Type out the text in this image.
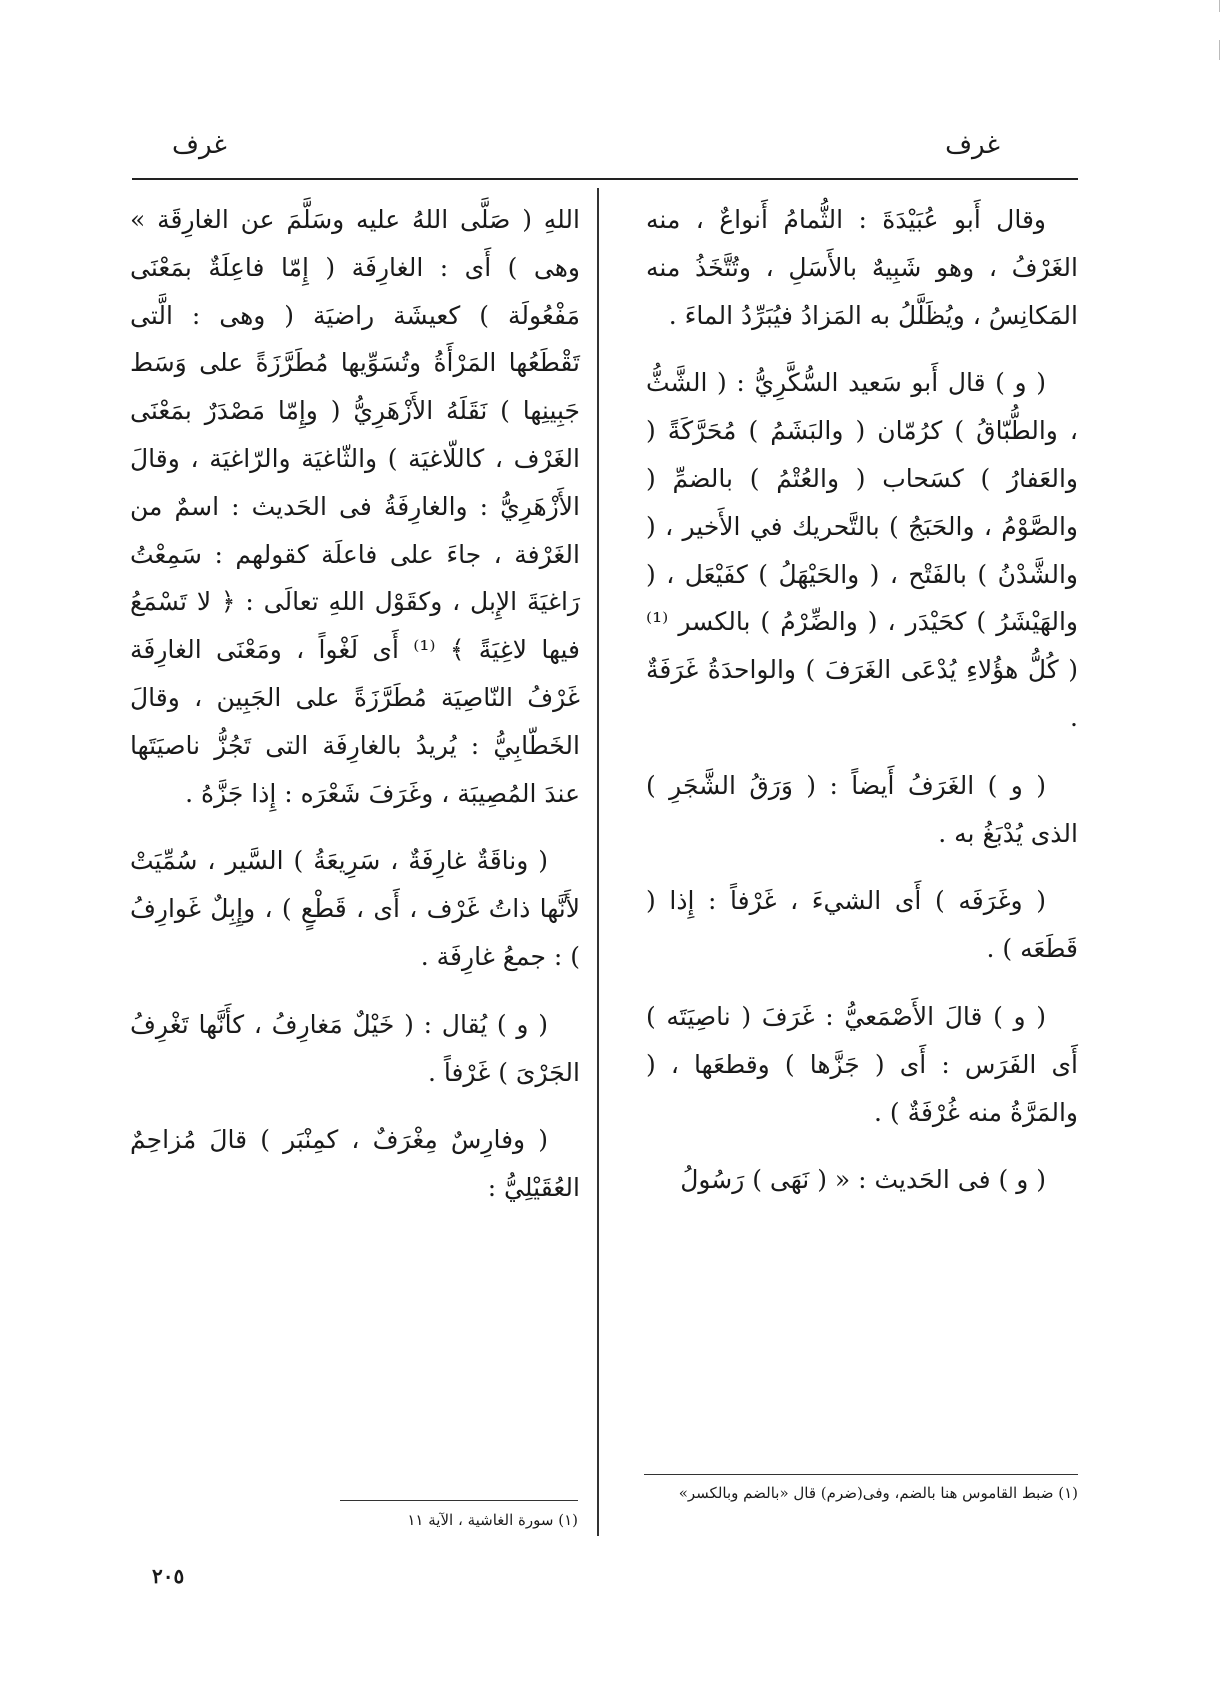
غرف
غرف

وقال أَبو عُبَيْدَةَ : الثُّمامُ أَنواعٌ ، منه الغَرْفُ ، وهو شَبِيهٌ بالأَسَلِ ، وتُتَّخَذُ منه المَكانِسُ ، ويُظَلَّلُ به المَزادُ فيُبَرِّدُ الماءَ .

( و ) قال أَبو سَعيد السُّكَّرِيُّ : ( الشَّثُّ ، والطُّبّاقُ ) كرُمّان ( والبَشَمُ ) مُحَرَّكَةً ( والعَفارُ ) كسَحاب ( والعُتْمُ ) بالضمِّ ( والصَّوْمُ ، والحَبَجُ ) بالتَّحريك في الأَخير ، ( والشَّدْنُ ) بالفَتْح ، ( والحَيْهَلُ ) كفَيْعَل ، ( والهَيْشَرُ ) كحَيْدَر ، ( والضِّرْمُ ) بالكسر ⁽¹⁾ ( كُلُّ هؤُلاءِ يُدْعَى الغَرَفَ ) والواحدَةُ غَرَفَةٌ .

( و ) الغَرَفُ أَيضاً : ( وَرَقُ الشَّجَرِ ) الذى يُدْبَغُ به .

( وغَرَفَه ) أَى الشيءَ ، غَرْفاً : إِذا ( قَطَعَه ) .

( و ) قالَ الأَصْمَعيُّ : غَرَفَ ( ناصِيَتَه ) أَى الفَرَس : أَى ( جَزَّها ) وقطعَها ، ( والمَرَّةُ منه غُرْفَةٌ ) .

( و ) فى الحَديث : « ( نَهَى ) رَسُولُ

اللهِ ( صَلَّى اللهُ عليه وسَلَّمَ عن الغارِقَة » وهى ) أَى : الغارِفَة ( إِمّا فاعِلَةٌ بمَعْنَى مَفْعُولَة ) كعيشَة راضيَة ( وهى : الَّتى تَقْطَعُها المَرْأَةُ وتُسَوِّيها مُطَرَّزَةً على وَسَط جَبِينِها ) نَقَلَهُ الأَزْهَرِيُّ ( وإِمّا مَصْدَرٌ بمَعْنَى الغَرْف ، كاللّاغيَة ) والثّاغيَة والرّاغيَة ، وقالَ الأَزْهَرِيُّ : والغارِفَةُ فى الحَديث : اسمٌ من الغَرْفة ، جاءَ على فاعلَة كقولهم : سَمِعْتُ رَاغيَةَ الإِبل ، وكقَوْل اللهِ تعالَى : ﴿ لا تَسْمَعُ فيها لاغِيَةً ﴾ ⁽¹⁾ أَى لَغْواً ، ومَعْنَى الغارِفَة غَرْفُ النّاصِيَة مُطَرَّزَةً على الجَبِين ، وقالَ الخَطّابِيُّ : يُريدُ بالغارِفَة التى تَجُزُّ ناصيَتَها عندَ المُصِيبَة ، وغَرَفَ شَعْرَه : إِذا جَزَّهُ .

( وناقَةٌ غارِفَةٌ ، سَرِيعَةُ ) السَّير ، سُمِّيَتْ لأَنَّها ذاتُ غَرْف ، أَى ، قَطْعٍ ) ، وإِبِلٌ غَوارِفُ ) : جمعُ غارِفَة .

( و ) يُقال : ( خَيْلٌ مَغارِفُ ، كأَنَّها تَغْرِفُ الجَرْىَ ) غَرْفاً .

( وفارِسٌ مِغْرَفٌ ، كمِنْبَر ) قالَ مُزاحِمٌ العُقَيْلِيُّ :

(١) ضبط القاموس هنا بالضم، وفى(ضرم) قال «بالضم وبالكسر»
(١) سورة الغاشية ، الآية ١١
٢٠٥
